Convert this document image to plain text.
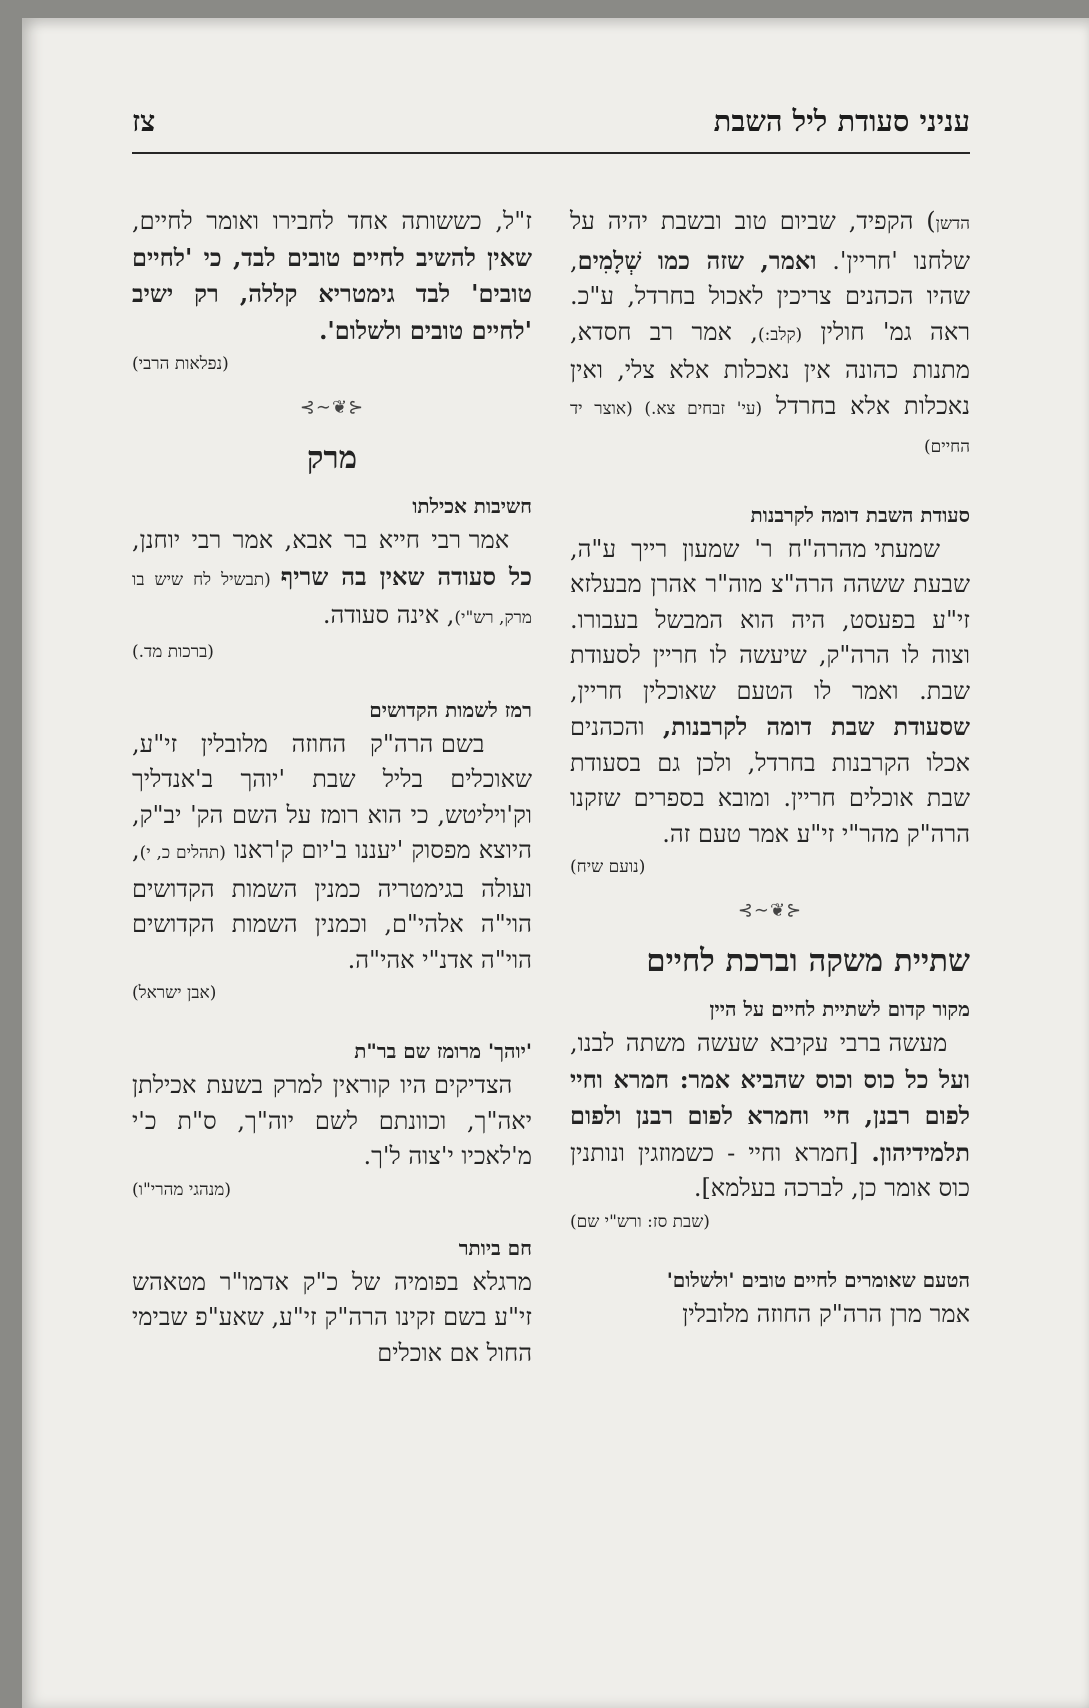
עניני סעודת ליל השבת
צז

הדשן) הקפיד, שביום טוב ובשבת יהיה על שלחנו 'חריין'. ואמר, שזה כמו שְׁלָמִים, שהיו הכהנים צריכין לאכול בחרדל, ע"כ. ראה גמ' חולין (קלב:), אמר רב חסדא, מתנות כהונה אין נאכלות אלא צלי, ואין נאכלות אלא בחרדל (עי' זבחים צא.) (אוצר יד החיים)

סעודת השבת דומה לקרבנות

שמעתי מהרה"ח ר' שמעון רייך ע"ה, שבעת ששהה הרה"צ מוה"ר אהרן מבעלזא זי"ע בפעסט, היה הוא המבשל בעבורו. וצוה לו הרה"ק, שיעשה לו חריין לסעודת שבת. ואמר לו הטעם שאוכלין חריין, שסעודת שבת דומה לקרבנות, והכהנים אכלו הקרבנות בחרדל, ולכן גם בסעודת שבת אוכלים חריין. ומובא בספרים שזקנו הרה"ק מהר"י זי"ע אמר טעם זה.

(נועם שיח)
⊰❦∽⊱
שתיית משקה וברכת לחיים
מקור קדום לשתיית לחיים על היין

מעשה ברבי עקיבא שעשה משתה לבנו, ועל כל כוס וכוס שהביא אמר: חמרא וחיי לפום רבנן, חיי וחמרא לפום רבנן ולפום תלמידיהון. [חמרא וחיי - כשמוזגין ונותנין כוס אומר כן, לברכה בעלמא].

(שבת סז: ורש"י שם)
הטעם שאומרים לחיים טובים 'ולשלום'

אמר מרן הרה"ק החוזה מלובלין

ז"ל, כששותה אחד לחבירו ואומר לחיים, שאין להשיב לחיים טובים לבד, כי 'לחיים טובים' לבד גימטריא קללה, רק ישיב 'לחיים טובים ולשלום'.

(נפלאות הרבי)
⊰❦∽⊱
מרק
חשיבות אכילתו

אמר רבי חייא בר אבא, אמר רבי יוחנן, כל סעודה שאין בה שריף (תבשיל לח שיש בו מרק, רש"י), אינה סעודה.

(ברכות מד.)
רמז לשמות הקדושים

בשם הרה"ק החוזה מלובלין זי"ע, שאוכלים בליל שבת 'יוהך ב'אנדליך וק'ויליטש, כי הוא רומז על השם הק' יב"ק, היוצא מפסוק 'יעננו ב'יום ק'ראנו (תהלים כ, י), ועולה בגימטריה כמנין השמות הקדושים הוי"ה אלהי"ם, וכמנין השמות הקדושים הוי"ה אדנ"י אהי"ה.

(אבן ישראל)
'יוהך' מרומז שם בר"ת

הצדיקים היו קוראין למרק בשעת אכילתן יאה"ך, וכוונתם לשם יוה"ך, ס"ת כ'י מ'לאכיו י'צוה ל'ך.

(מנהגי מהרי"ו)
חם ביותר

מרגלא בפומיה של כ"ק אדמו"ר מטאהש זי"ע בשם זקינו הרה"ק זי"ע, שאע"פ שבימי החול אם אוכלים
